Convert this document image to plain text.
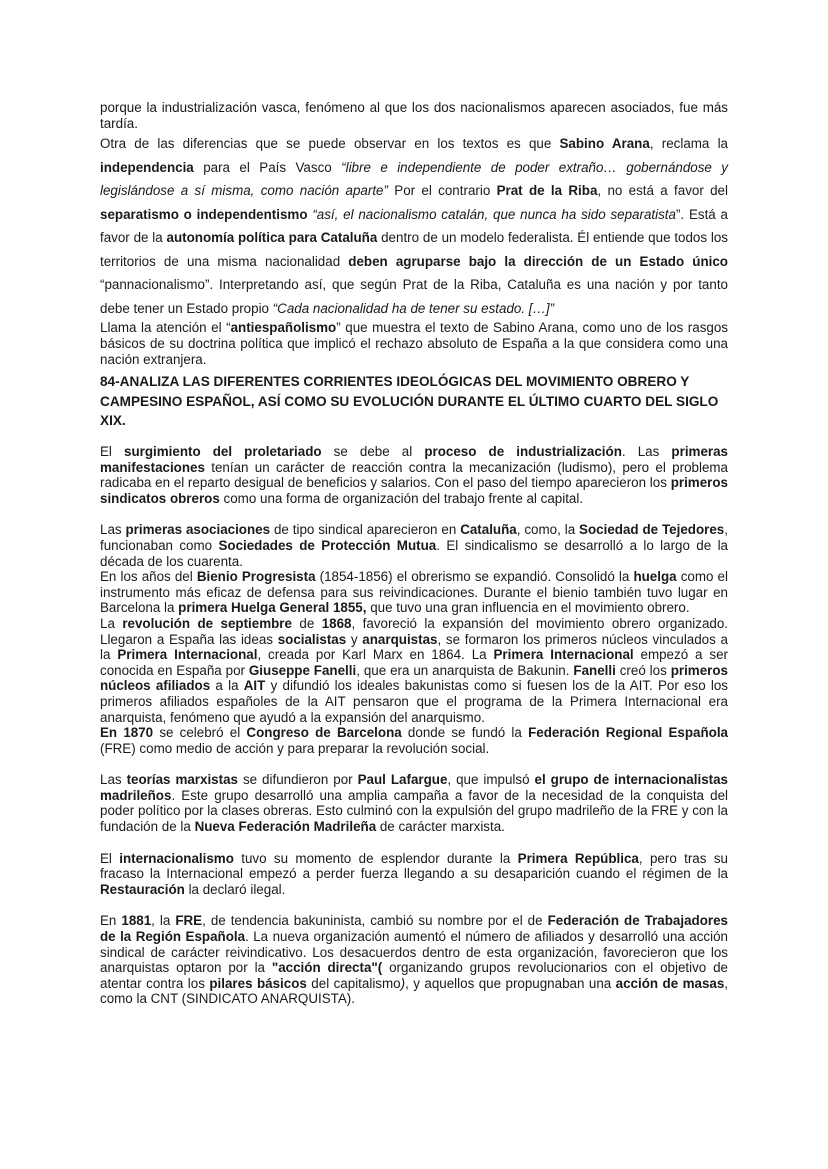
porque la industrialización vasca, fenómeno al que los dos nacionalismos aparecen asociados, fue más tardía.

Otra de las diferencias que se puede observar en los textos es que Sabino Arana, reclama la independencia para el País Vasco “libre e independiente de poder extraño… gobernándose y legislándose a sí misma, como nación aparte” Por el contrario Prat de la Riba, no está a favor del separatismo o independentismo “así, el nacionalismo catalán, que nunca ha sido separatista”. Está a favor de la autonomía política para Cataluña dentro de un modelo federalista. Él entiende que todos los territorios de una misma nacionalidad deben agruparse bajo la dirección de un Estado único “pannacionalismo”. Interpretando así, que según Prat de la Riba, Cataluña es una nación y por tanto debe tener un Estado propio “Cada nacionalidad ha de tener su estado. […]”

Llama la atención el “antiespañolismo” que muestra el texto de Sabino Arana, como uno de los rasgos básicos de su doctrina política que implicó el rechazo absoluto de España a la que considera como una nación extranjera.

84-ANALIZA LAS DIFERENTES CORRIENTES IDEOLÓGICAS DEL MOVIMIENTO OBRERO Y CAMPESINO ESPAÑOL, ASÍ COMO SU EVOLUCIÓN DURANTE EL ÚLTIMO CUARTO DEL SIGLO XIX.

El surgimiento del proletariado se debe al proceso de industrialización. Las primeras manifestaciones tenían un carácter de reacción contra la mecanización (ludismo), pero el problema radicaba en el reparto desigual de beneficios y salarios. Con el paso del tiempo aparecieron los primeros sindicatos obreros como una forma de organización del trabajo frente al capital.

Las primeras asociaciones de tipo sindical aparecieron en Cataluña, como, la Sociedad de Tejedores, funcionaban como Sociedades de Protección Mutua. El sindicalismo se desarrolló a lo largo de la década de los cuarenta.

En los años del Bienio Progresista (1854-1856) el obrerismo se expandió. Consolidó la huelga como el instrumento más eficaz de defensa para sus reivindicaciones. Durante el bienio también tuvo lugar en Barcelona la primera Huelga General 1855, que tuvo una gran influencia en el movimiento obrero.

La revolución de septiembre de 1868, favoreció la expansión del movimiento obrero organizado. Llegaron a España las ideas socialistas y anarquistas, se formaron los primeros núcleos vinculados a la Primera Internacional, creada por Karl Marx en 1864. La Primera Internacional empezó a ser conocida en España por Giuseppe Fanelli, que era un anarquista de Bakunin. Fanelli creó los primeros núcleos afiliados a la AIT y difundió los ideales bakunistas como si fuesen los de la AIT. Por eso los primeros afiliados españoles de la AIT pensaron que el programa de la Primera Internacional era anarquista, fenómeno que ayudó a la expansión del anarquismo.

En 1870 se celebró el Congreso de Barcelona donde se fundó la Federación Regional Española (FRE) como medio de acción y para preparar la revolución social.

Las teorías marxistas se difundieron por Paul Lafargue, que impulsó el grupo de internacionalistas madrileños. Este grupo desarrolló una amplia campaña a favor de la necesidad de la conquista del poder político por la clases obreras. Esto culminó con la expulsión del grupo madrileño de la FRE y con la fundación de la Nueva Federación Madrileña de carácter marxista.

El internacionalismo tuvo su momento de esplendor durante la Primera República, pero tras su fracaso la Internacional empezó a perder fuerza llegando a su desaparición cuando el régimen de la Restauración la declaró ilegal.

En 1881, la FRE, de tendencia bakuninista, cambió su nombre por el de Federación de Trabajadores de la Región Española. La nueva organización aumentó el número de afiliados y desarrolló una acción sindical de carácter reivindicativo. Los desacuerdos dentro de esta organización, favorecieron que los anarquistas optaron por la "acción directa"( organizando grupos revolucionarios con el objetivo de atentar contra los pilares básicos del capitalismo), y aquellos que propugnaban una acción de masas, como la CNT (SINDICATO ANARQUISTA).
